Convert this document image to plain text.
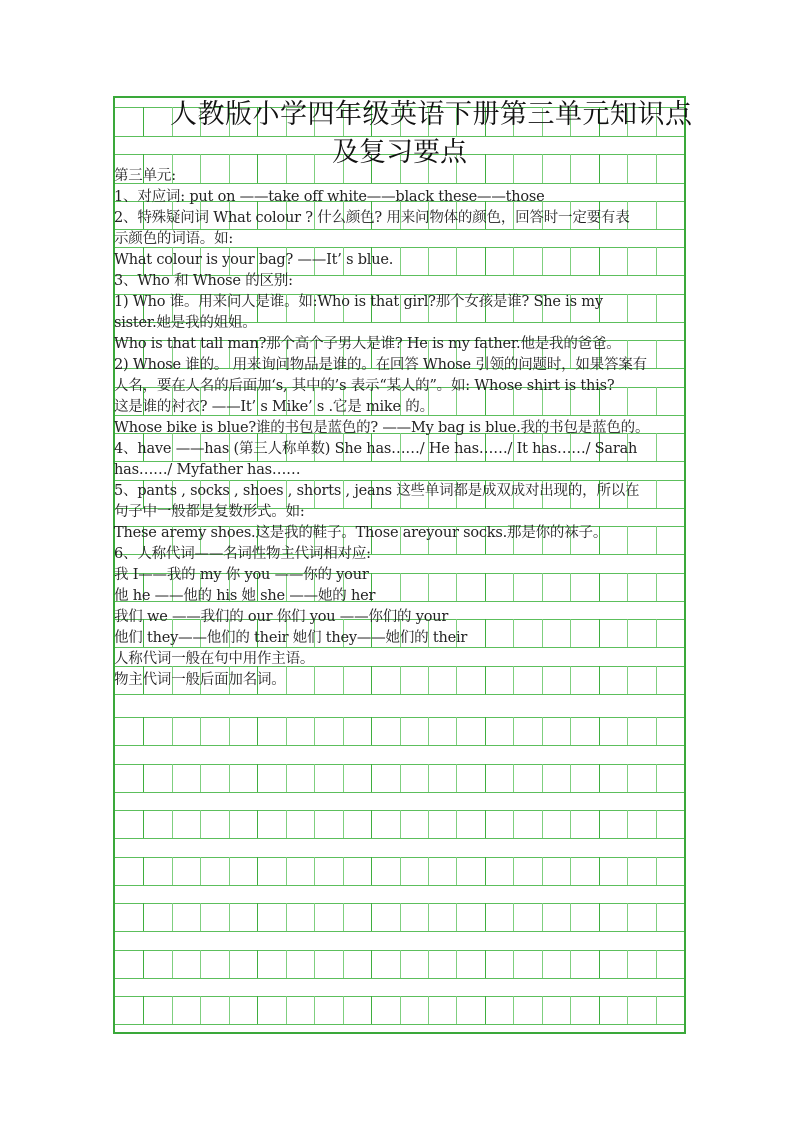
人教版小学四年级英语下册第三单元知识点
及复习要点
第三单元:
1、对应词: put on ——take off white——black these——those
2、特殊疑问词 What colour ? 什么颜色? 用来问物体的颜色，回答时一定要有表
示颜色的词语。如:
What colour is your bag? ——It’ s blue.
3、Who 和 Whose 的区别:
1) Who 谁。用来问人是谁。如:Who is that girl?那个女孩是谁? She is my
sister.她是我的姐姐。
Who is that tall man?那个高个子男人是谁? He is my father.他是我的爸爸。
2) Whose 谁的。 用来询问物品是谁的。在回答 Whose 引领的问题时，如果答案有
人名，要在人名的后面加‘s, 其中的’s 表示“某人的”。如: Whose shirt is this?
这是谁的衬衣? ——It’ s Mike’ s .它是 mike 的。
Whose bike is blue?谁的书包是蓝色的? ——My bag is blue.我的书包是蓝色的。
4、have ——has (第三人称单数) She has……/ He has……/ It has……/ Sarah
has……/ Myfather has……
5、pants , socks , shoes , shorts , jeans 这些单词都是成双成对出现的，所以在
句子中一般都是复数形式。如:
These aremy shoes.这是我的鞋子。Those areyour socks.那是你的袜子。
6、人称代词——名词性物主代词相对应:
我 I——我的 my 你 you ——你的 your
他 he ——他的 his 她 she ——她的 her
我们 we ——我们的 our 你们 you ——你们的 your
他们 they——他们的 their 她们 they——她们的 their
人称代词一般在句中用作主语。
物主代词一般后面加名词。
